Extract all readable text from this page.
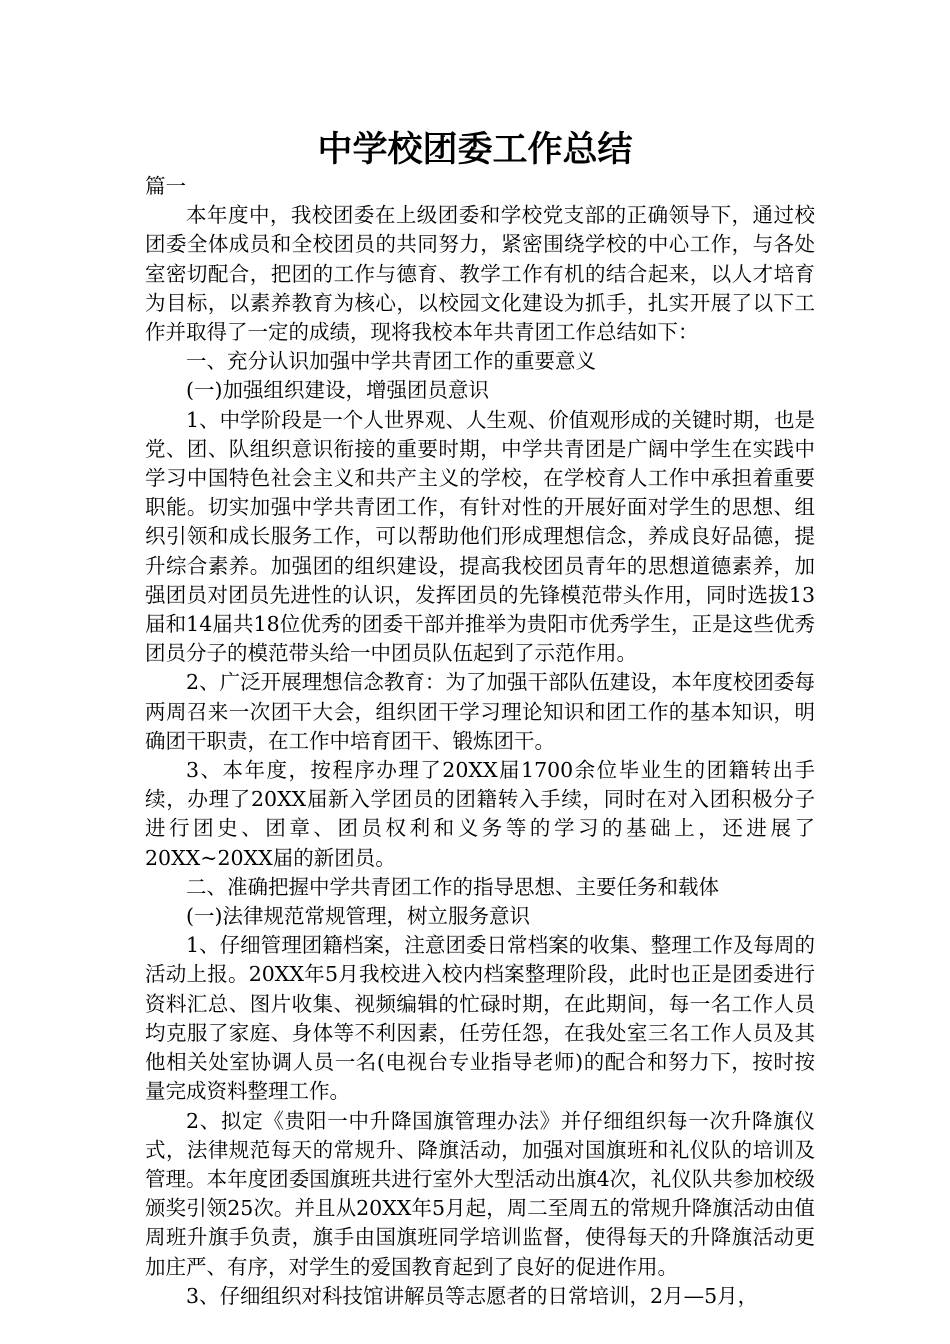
中学校团委工作总结

篇一

本年度中，我校团委在上级团委和学校党支部的正确领导下，通过校团委全体成员和全校团员的共同努力，紧密围绕学校的中心工作，与各处室密切配合，把团的工作与德育、教学工作有机的结合起来，以人才培育为目标，以素养教育为核心，以校园文化建设为抓手，扎实开展了以下工作并取得了一定的成绩，现将我校本年共青团工作总结如下：

一、充分认识加强中学共青团工作的重要意义

(一)加强组织建设，增强团员意识

1、中学阶段是一个人世界观、人生观、价值观形成的关键时期，也是党、团、队组织意识衔接的重要时期，中学共青团是广阔中学生在实践中学习中国特色社会主义和共产主义的学校，在学校育人工作中承担着重要职能。切实加强中学共青团工作，有针对性的开展好面对学生的思想、组织引领和成长服务工作，可以帮助他们形成理想信念，养成良好品德，提升综合素养。加强团的组织建设，提高我校团员青年的思想道德素养，加强团员对团员先进性的认识，发挥团员的先锋模范带头作用，同时选拔13届和14届共18位优秀的团委干部并推举为贵阳市优秀学生，正是这些优秀团员分子的模范带头给一中团员队伍起到了示范作用。

2、广泛开展理想信念教育：为了加强干部队伍建设，本年度校团委每两周召来一次团干大会，组织团干学习理论知识和团工作的基本知识，明确团干职责，在工作中培育团干、锻炼团干。

3、本年度，按程序办理了20XX届1700余位毕业生的团籍转出手续，办理了20XX届新入学团员的团籍转入手续，同时在对入团积极分子进行团史、团章、团员权利和义务等的学习的基础上，还进展了20XX~20XX届的新团员。

二、准确把握中学共青团工作的指导思想、主要任务和载体

(一)法律规范常规管理，树立服务意识

1、仔细管理团籍档案，注意团委日常档案的收集、整理工作及每周的活动上报。20XX年5月我校进入校内档案整理阶段，此时也正是团委进行资料汇总、图片收集、视频编辑的忙碌时期，在此期间，每一名工作人员均克服了家庭、身体等不利因素，任劳任怨，在我处室三名工作人员及其他相关处室协调人员一名(电视台专业指导老师)的配合和努力下，按时按量完成资料整理工作。

2、拟定《贵阳一中升降国旗管理办法》并仔细组织每一次升降旗仪式，法律规范每天的常规升、降旗活动，加强对国旗班和礼仪队的培训及管理。本年度团委国旗班共进行室外大型活动出旗4次，礼仪队共参加校级颁奖引领25次。并且从20XX年5月起，周二至周五的常规升降旗活动由值周班升旗手负责，旗手由国旗班同学培训监督，使得每天的升降旗活动更加庄严、有序，对学生的爱国教育起到了良好的促进作用。

3、仔细组织对科技馆讲解员等志愿者的日常培训，2月—5月，
